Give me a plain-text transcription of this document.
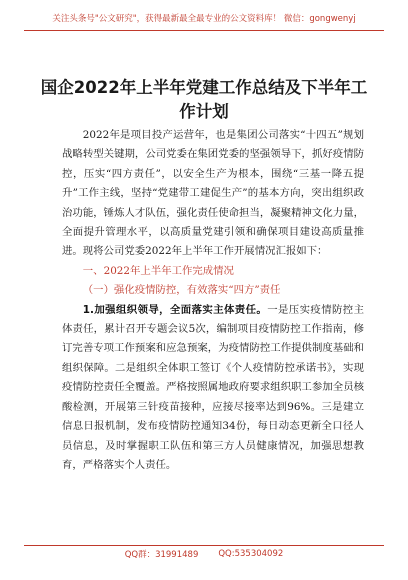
关注头条号"公文研究"，获得最新最全最专业的公文资料库！ 微信：gongwenyj
国企2022年上半年党建工作总结及下半年工作计划

2022年是项目投产运营年，也是集团公司落实“十四五”规划战略转型关键期，公司党委在集团党委的坚强领导下，抓好疫情防控，压实“四方责任”，以安全生产为根本，围绕“三基一降五提升”工作主线，坚持“党建带工建促生产”的基本方向，突出组织政治功能，锤炼人才队伍，强化责任使命担当，凝聚精神文化力量，全面提升管理水平，以高质量党建引领和确保项目建设高质量推进。现将公司党委2022年上半年工作开展情况汇报如下：

一、2022年上半年工作完成情况

（一）强化疫情防控，有效落实“四方”责任

1.加强组织领导，全面落实主体责任。一是压实疫情防控主体责任，累计召开专题会议5次，编制项目疫情防控工作指南，修订完善专项工作预案和应急预案，为疫情防控工作提供制度基础和组织保障。二是组织全体职工签订《个人疫情防控承诺书》，实现疫情防控责任全覆盖。严格按照属地政府要求组织职工参加全员核酸检测，开展第三针疫苗接种，应接尽接率达到96%。三是建立信息日报机制，发布疫情防控通知34份，每日动态更新全口径人员信息，及时掌握职工队伍和第三方人员健康情况，加强思想教育，严格落实个人责任。

QQ群：31991489 QQ:535304092
